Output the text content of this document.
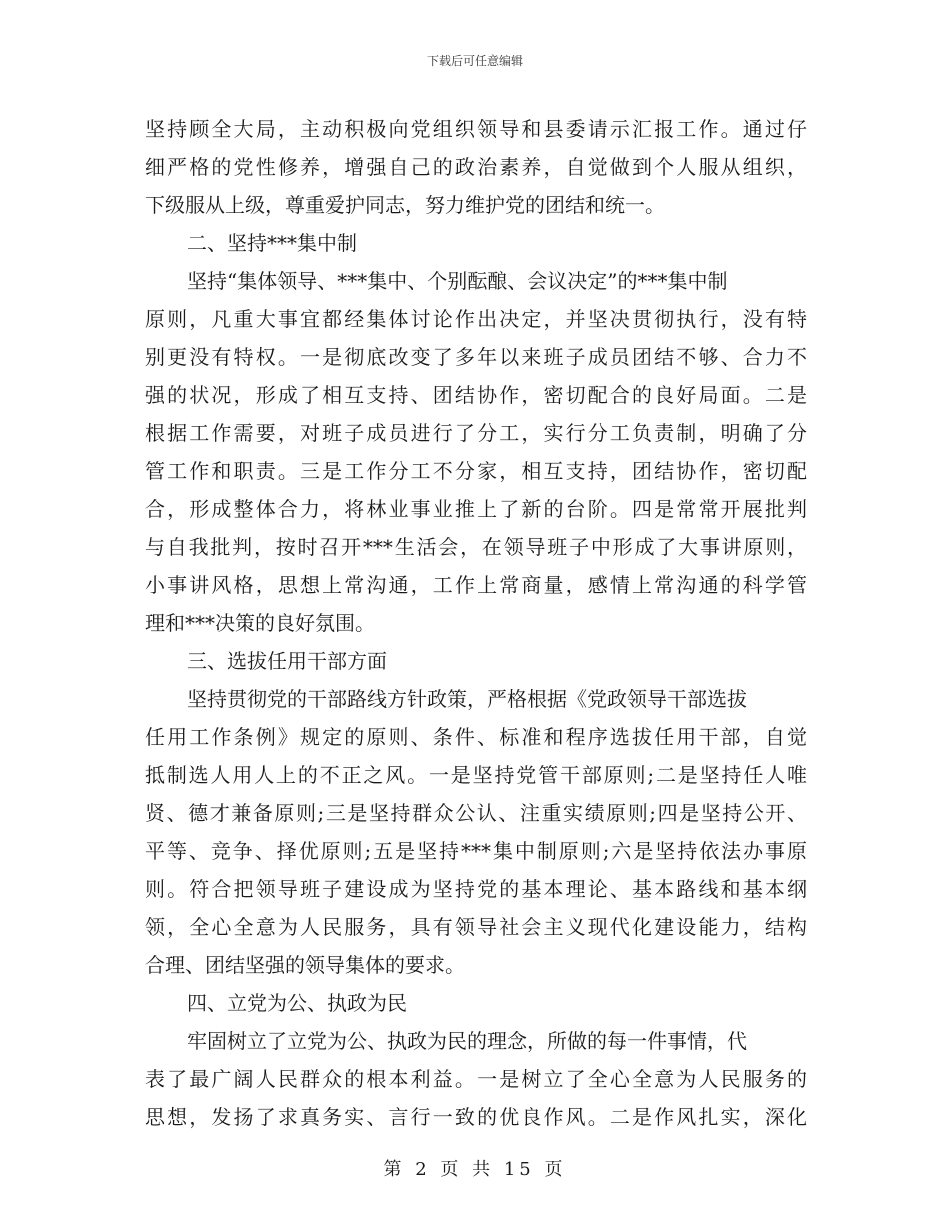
下载后可任意编辑
坚持顾全大局，主动积极向党组织领导和县委请示汇报工作。通过仔
细严格的党性修养，增强自己的政治素养，自觉做到个人服从组织，
下级服从上级，尊重爱护同志，努力维护党的团结和统一。
二、坚持***集中制
坚持“集体领导、***集中、个别酝酿、会议决定”的***集中制
原则，凡重大事宜都经集体讨论作出决定，并坚决贯彻执行，没有特
别更没有特权。一是彻底改变了多年以来班子成员团结不够、合力不
强的状况，形成了相互支持、团结协作，密切配合的良好局面。二是
根据工作需要，对班子成员进行了分工，实行分工负责制，明确了分
管工作和职责。三是工作分工不分家，相互支持，团结协作，密切配
合，形成整体合力，将林业事业推上了新的台阶。四是常常开展批判
与自我批判，按时召开***生活会，在领导班子中形成了大事讲原则，
小事讲风格，思想上常沟通，工作上常商量，感情上常沟通的科学管
理和***决策的良好氛围。
三、选拔任用干部方面
坚持贯彻党的干部路线方针政策，严格根据《党政领导干部选拔
任用工作条例》规定的原则、条件、标准和程序选拔任用干部，自觉
抵制选人用人上的不正之风。一是坚持党管干部原则;二是坚持任人唯
贤、德才兼备原则;三是坚持群众公认、注重实绩原则;四是坚持公开、
平等、竞争、择优原则;五是坚持***集中制原则;六是坚持依法办事原
则。符合把领导班子建设成为坚持党的基本理论、基本路线和基本纲
领，全心全意为人民服务，具有领导社会主义现代化建设能力，结构
合理、团结坚强的领导集体的要求。
四、立党为公、执政为民
牢固树立了立党为公、执政为民的理念，所做的每一件事情，代
表了最广阔人民群众的根本利益。一是树立了全心全意为人民服务的
思想，发扬了求真务实、言行一致的优良作风。二是作风扎实，深化
第 2 页 共 15 页
